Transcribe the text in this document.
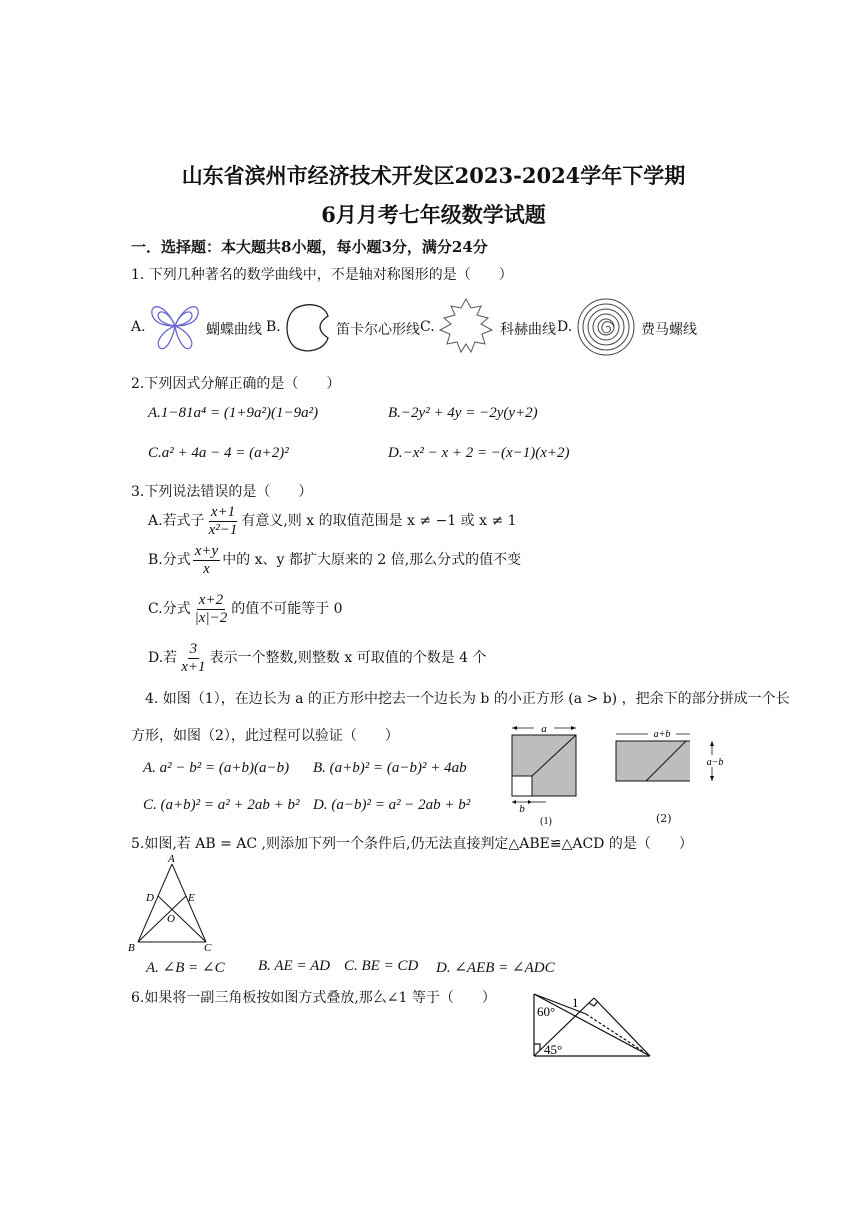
山东省滨州市经济技术开发区2023-2024学年下学期
6月月考七年级数学试题
一．选择题：本大题共8小题，每小题3分，满分24分
1. 下列几种著名的数学曲线中，不是轴对称图形的是（　　）
A.	蝴蝶曲线 B.	笛卡尔心形线 C.	科赫曲线 D.	费马螺线
2.下列因式分解正确的是（　　）
A.1−81a⁴ = (1+9a²)(1−9a²)	B.−2y² + 4y = −2y(y+2)
C.a² + 4a − 4 = (a+2)²	D.−x² − x + 2 = −(x−1)(x+2)
3.下列说法错误的是（　　）
A.若式子 $\frac{x+1}{\text{x²−1}}$ 有意义,则 x 的取值范围是 x ≠ −1 或 x ≠ 1
B.分式 $\frac{x+y}{x}$ 中的 x、y 都扩大原来的 2 倍,那么分式的值不变
C.分式 $\frac{x+2}{|x|-2}$ 的值不可能等于 0
D.若 $\frac{3}{x+1}$ 表示一个整数,则整数 x 可取值的个数是 4 个
4. 如图（1），在边长为 a 的正方形中挖去一个边长为 b 的小正方形 (a > b) ，把余下的部分拼成一个长
方形，如图（2），此过程可以验证（　　）
A. a² − b² = (a+b)(a−b) B. (a+b)² = (a−b)² + 4ab
C. (a+b)² = a² + 2ab + b² D. (a−b)² = a² − 2ab + b²
a
b
(1)
a+b
a−b
(2)
5.如图,若 AB = AC ,则添加下列一个条件后,仍无法直接判定△ABE≌△ACD 的是（　　）
A
B	C
D	E
O
A. ∠B = ∠C B. AE = AD C. BE = CD D. ∠AEB = ∠ADC
6.如果将一副三角板按如图方式叠放,那么∠1 等于（　　）
60°
45°
1
